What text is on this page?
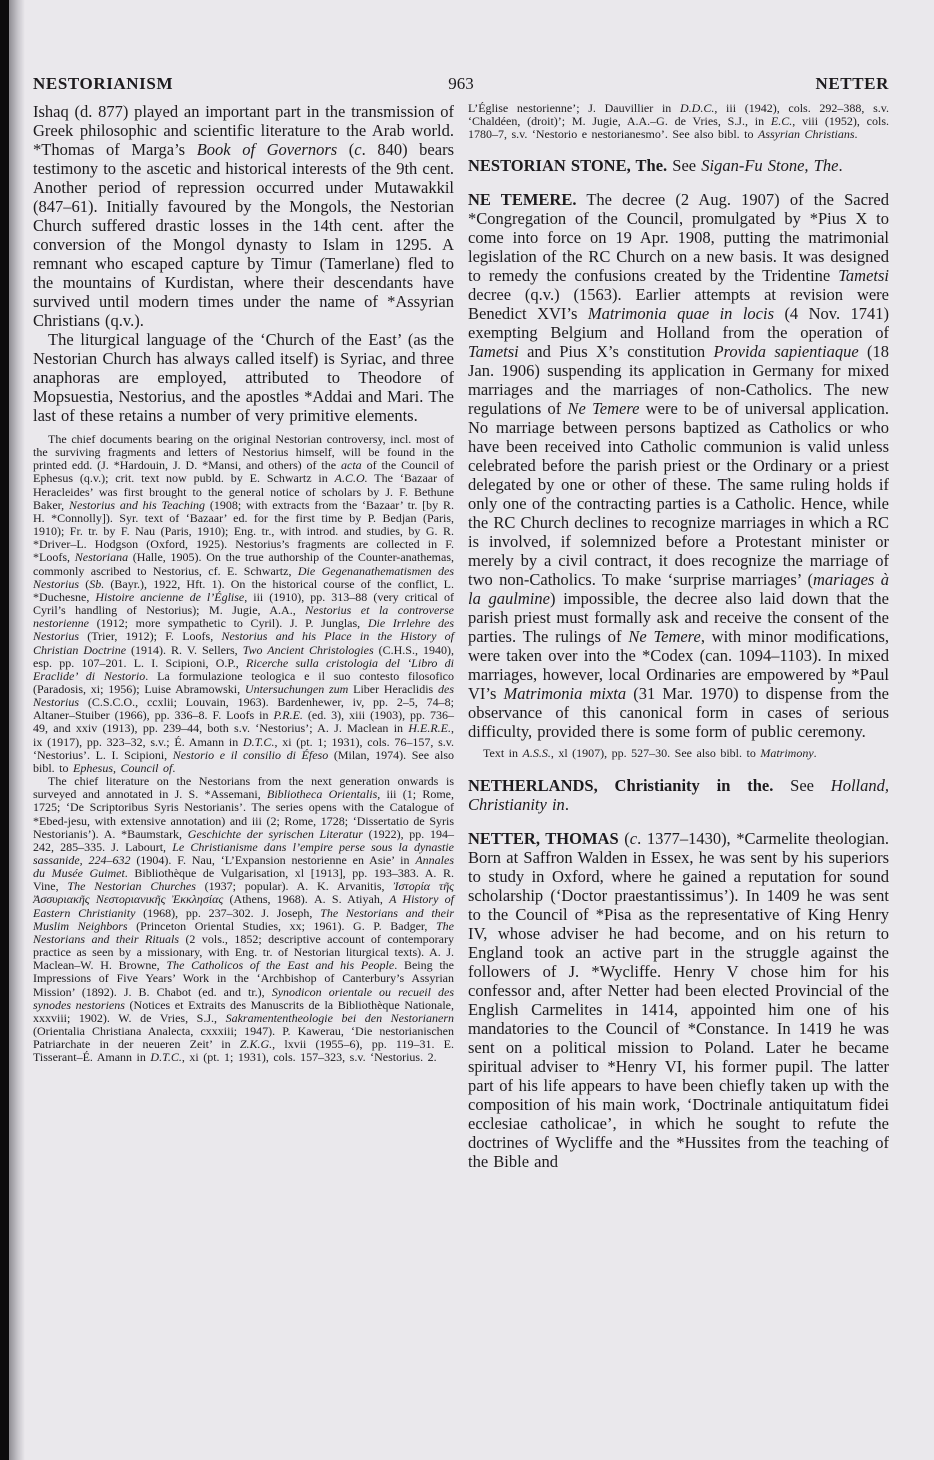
NESTORIANISM	963	NETTER

Ishaq (d. 877) played an important part in the transmission of Greek philosophic and scientific literature to the Arab world. *Thomas of Marga’s Book of Governors (c. 840) bears testimony to the ascetic and historical interests of the 9th cent. Another period of repression occurred under Mutawakkil (847–61). Initially favoured by the Mongols, the Nestorian Church suffered drastic losses in the 14th cent. after the conversion of the Mongol dynasty to Islam in 1295. A remnant who escaped capture by Timur (Tamerlane) fled to the mountains of Kurdistan, where their descendants have survived until modern times under the name of *Assyrian Christians (q.v.).

The liturgical language of the ‘Church of the East’ (as the Nestorian Church has always called itself) is Syriac, and three anaphoras are employed, attributed to Theodore of Mopsuestia, Nestorius, and the apostles *Addai and Mari. The last of these retains a number of very primitive elements.

The chief documents bearing on the original Nestorian controversy, incl. most of the surviving fragments and letters of Nestorius himself, will be found in the printed edd. (J. *Hardouin, J. D. *Mansi, and others) of the acta of the Council of Ephesus (q.v.); crit. text now publd. by E. Schwartz in A.C.O. The ‘Bazaar of Heracleides’ was first brought to the general notice of scholars by J. F. Bethune Baker, Nestorius and his Teaching (1908; with extracts from the ‘Bazaar’ tr. [by R. H. *Connolly]). Syr. text of ‘Bazaar’ ed. for the first time by P. Bedjan (Paris, 1910); Fr. tr. by F. Nau (Paris, 1910); Eng. tr., with introd. and studies, by G. R. *Driver–L. Hodgson (Oxford, 1925). Nestorius’s fragments are collected in F. *Loofs, Nestoriana (Halle, 1905). On the true authorship of the Counter-anathemas, commonly ascribed to Nestorius, cf. E. Schwartz, Die Gegenanathematismen des Nestorius (Sb. (Bayr.), 1922, Hft. 1). On the historical course of the conflict, L. *Duchesne, Histoire ancienne de l’Église, iii (1910), pp. 313–88 (very critical of Cyril’s handling of Nestorius); M. Jugie, A.A., Nestorius et la controverse nestorienne (1912; more sympathetic to Cyril). J. P. Junglas, Die Irrlehre des Nestorius (Trier, 1912); F. Loofs, Nestorius and his Place in the History of Christian Doctrine (1914). R. V. Sellers, Two Ancient Christologies (C.H.S., 1940), esp. pp. 107–201. L. I. Scipioni, O.P., Ricerche sulla cristologia del ‘Libro di Eraclide’ di Nestorio. La formulazione teologica e il suo contesto filosofico (Paradosis, xi; 1956); Luise Abramowski, Untersuchungen zum Liber Heraclidis des Nestorius (C.S.C.O., ccxlii; Louvain, 1963). Bardenhewer, iv, pp. 2–5, 74–8; Altaner–Stuiber (1966), pp. 336–8. F. Loofs in P.R.E. (ed. 3), xiii (1903), pp. 736–49, and xxiv (1913), pp. 239–44, both s.v. ‘Nestorius’; A. J. Maclean in H.E.R.E., ix (1917), pp. 323–32, s.v.; É. Amann in D.T.C., xi (pt. 1; 1931), cols. 76–157, s.v. ‘Nestorius’. L. I. Scipioni, Nestorio e il consilio di Éfeso (Milan, 1974). See also bibl. to Ephesus, Council of.

The chief literature on the Nestorians from the next generation onwards is surveyed and annotated in J. S. *Assemani, Bibliotheca Orientalis, iii (1; Rome, 1725; ‘De Scriptoribus Syris Nestorianis’. The series opens with the Catalogue of *Ebed-jesu, with extensive annotation) and iii (2; Rome, 1728; ‘Dissertatio de Syris Nestorianis’). A. *Baumstark, Geschichte der syrischen Literatur (1922), pp. 194–242, 285–335. J. Labourt, Le Christianisme dans l’empire perse sous la dynastie sassanide, 224–632 (1904). F. Nau, ‘L’Expansion nestorienne en Asie’ in Annales du Musée Guimet. Bibliothèque de Vulgarisation, xl [1913], pp. 193–383. A. R. Vine, The Nestorian Churches (1937; popular). A. K. Arvanitis, Ἰστορία τῆς Ἀσσυριακῆς Νεστοριανικῆς Ἐκκλησίας (Athens, 1968). A. S. Atiyah, A History of Eastern Christianity (1968), pp. 237–302. J. Joseph, The Nestorians and their Muslim Neighbors (Princeton Oriental Studies, xx; 1961). G. P. Badger, The Nestorians and their Rituals (2 vols., 1852; descriptive account of contemporary practice as seen by a missionary, with Eng. tr. of Nestorian liturgical texts). A. J. Maclean–W. H. Browne, The Catholicos of the East and his People. Being the Impressions of Five Years’ Work in the ‘Archbishop of Canterbury’s Assyrian Mission’ (1892). J. B. Chabot (ed. and tr.), Synodicon orientale ou recueil des synodes nestoriens (Notices et Extraits des Manuscrits de la Bibliothèque Nationale, xxxviii; 1902). W. de Vries, S.J., Sakramententheologie bei den Nestorianern (Orientalia Christiana Analecta, cxxxiii; 1947). P. Kawerau, ‘Die nestorianischen Patriarchate in der neueren Zeit’ in Z.K.G., lxvii (1955–6), pp. 119–31. E. Tisserant–É. Amann in D.T.C., xi (pt. 1; 1931), cols. 157–323, s.v. ‘Nestorius. 2.

L’Église nestorienne’; J. Dauvillier in D.D.C., iii (1942), cols. 292–388, s.v. ‘Chaldéen, (droit)’; M. Jugie, A.A.–G. de Vries, S.J., in E.C., viii (1952), cols. 1780–7, s.v. ‘Nestorio e nestorianesmo’. See also bibl. to Assyrian Christians.

NESTORIAN STONE, The. See Sigan-Fu Stone, The.

NE TEMERE. The decree (2 Aug. 1907) of the Sacred *Congregation of the Council, promulgated by *Pius X to come into force on 19 Apr. 1908, putting the matrimonial legislation of the RC Church on a new basis. It was designed to remedy the confusions created by the Tridentine Tametsi decree (q.v.) (1563). Earlier attempts at revision were Benedict XVI’s Matrimonia quae in locis (4 Nov. 1741) exempting Belgium and Holland from the operation of Tametsi and Pius X’s constitution Provida sapientiaque (18 Jan. 1906) suspending its application in Germany for mixed marriages and the marriages of non-Catholics. The new regulations of Ne Temere were to be of universal application. No marriage between persons baptized as Catholics or who have been received into Catholic communion is valid unless celebrated before the parish priest or the Ordinary or a priest delegated by one or other of these. The same ruling holds if only one of the contracting parties is a Catholic. Hence, while the RC Church declines to recognize marriages in which a RC is involved, if solemnized before a Protestant minister or merely by a civil contract, it does recognize the marriage of two non-Catholics. To make ‘surprise marriages’ (mariages à la gaulmine) impossible, the decree also laid down that the parish priest must formally ask and receive the consent of the parties. The rulings of Ne Temere, with minor modifications, were taken over into the *Codex (can. 1094–1103). In mixed marriages, however, local Ordinaries are empowered by *Paul VI’s Matrimonia mixta (31 Mar. 1970) to dispense from the observance of this canonical form in cases of serious difficulty, provided there is some form of public ceremony.

Text in A.S.S., xl (1907), pp. 527–30. See also bibl. to Matrimony.

NETHERLANDS, Christianity in the. See Holland, Christianity in.

NETTER, THOMAS (c. 1377–1430), *Carmelite theologian. Born at Saffron Walden in Essex, he was sent by his superiors to study in Oxford, where he gained a reputation for sound scholarship (‘Doctor praestantissimus’). In 1409 he was sent to the Council of *Pisa as the representative of King Henry IV, whose adviser he had become, and on his return to England took an active part in the struggle against the followers of J. *Wycliffe. Henry V chose him for his confessor and, after Netter had been elected Provincial of the English Carmelites in 1414, appointed him one of his mandatories to the Council of *Constance. In 1419 he was sent on a political mission to Poland. Later he became spiritual adviser to *Henry VI, his former pupil. The latter part of his life appears to have been chiefly taken up with the composition of his main work, ‘Doctrinale antiquitatum fidei ecclesiae catholicae’, in which he sought to refute the doctrines of Wycliffe and the *Hussites from the teaching of the Bible and
